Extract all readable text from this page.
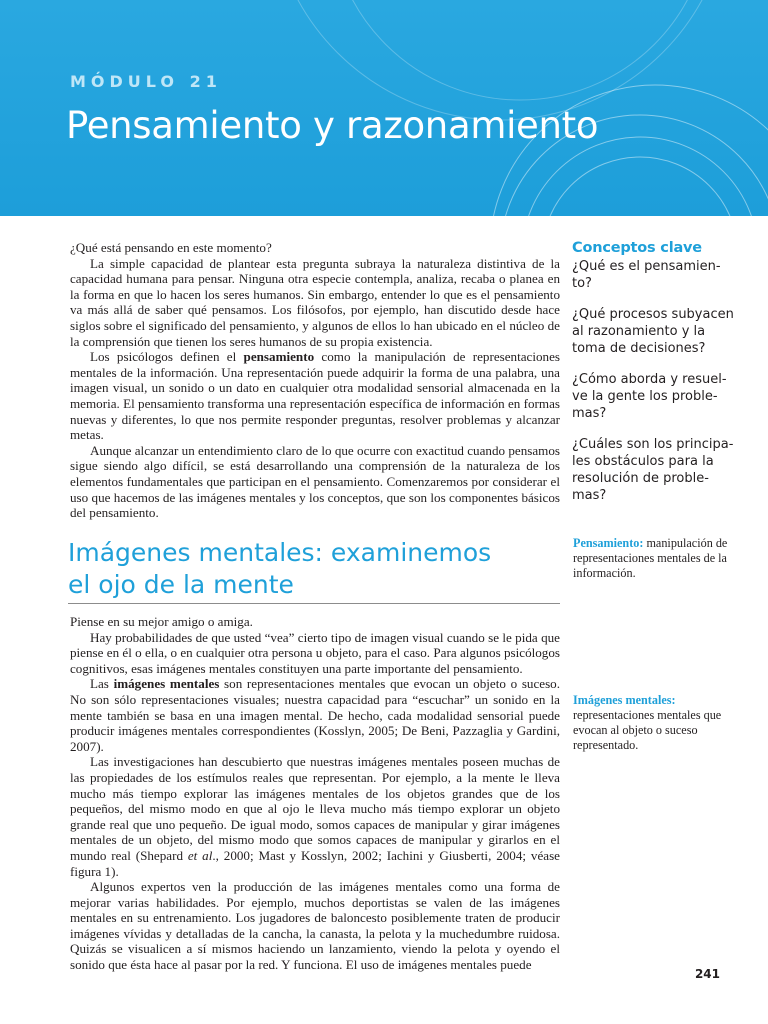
MÓDULO 21
Pensamiento y razonamiento

¿Qué está pensando en este momento?

La simple capacidad de plantear esta pregunta subraya la naturaleza distintiva de la capacidad humana para pensar. Ninguna otra especie contempla, analiza, recaba o planea en la forma en que lo hacen los seres humanos. Sin embargo, entender lo que es el pensamiento va más allá de saber qué pensamos. Los filósofos, por ejemplo, han discutido desde hace siglos sobre el significado del pensamiento, y algunos de ellos lo han ubicado en el núcleo de la comprensión que tienen los seres humanos de su propia existencia.

Los psicólogos definen el pensamiento como la manipulación de representaciones mentales de la información. Una representación puede adquirir la forma de una palabra, una imagen visual, un sonido o un dato en cualquier otra modalidad sensorial almacenada en la memoria. El pensamiento transforma una representación específica de información en formas nuevas y diferentes, lo que nos permite responder preguntas, resolver problemas y alcanzar metas.

Aunque alcanzar un entendimiento claro de lo que ocurre con exactitud cuando pensamos sigue siendo algo difícil, se está desarrollando una comprensión de la naturaleza de los elementos fundamentales que participan en el pensamiento. Comenzaremos por considerar el uso que hacemos de las imágenes mentales y los conceptos, que son los componentes básicos del pensamiento.

Imágenes mentales: examinemos
el ojo de la mente

Piense en su mejor amigo o amiga.

Hay probabilidades de que usted “vea” cierto tipo de imagen visual cuando se le pida que piense en él o ella, o en cualquier otra persona u objeto, para el caso. Para algunos psicólogos cognitivos, esas imágenes mentales constituyen una parte importante del pensamiento.

Las imágenes mentales son representaciones mentales que evocan un objeto o suceso. No son sólo representaciones visuales; nuestra capacidad para “escuchar” un sonido en la mente también se basa en una imagen mental. De hecho, cada modalidad sensorial puede producir imágenes mentales correspondientes (Kosslyn, 2005; De Beni, Pazzaglia y Gardini, 2007).

Las investigaciones han descubierto que nuestras imágenes mentales poseen muchas de las propiedades de los estímulos reales que representan. Por ejemplo, a la mente le lleva mucho más tiempo explorar las imágenes mentales de los objetos grandes que de los pequeños, del mismo modo en que al ojo le lleva mucho más tiempo explorar un objeto grande real que uno pequeño. De igual modo, somos capaces de manipular y girar imágenes mentales de un objeto, del mismo modo que somos capaces de manipular y girarlos en el mundo real (Shepard et al., 2000; Mast y Kosslyn, 2002; Iachini y Giusberti, 2004; véase figura 1).

Algunos expertos ven la producción de las imágenes mentales como una forma de mejorar varias habilidades. Por ejemplo, muchos deportistas se valen de las imágenes mentales en su entrenamiento. Los jugadores de baloncesto posiblemente traten de producir imágenes vívidas y detalladas de la cancha, la canasta, la pelota y la muchedumbre ruidosa. Quizás se visualicen a sí mismos haciendo un lanzamiento, viendo la pelota y oyendo el sonido que ésta hace al pasar por la red. Y funciona. El uso de imágenes mentales puede

Conceptos clave
¿Qué es el pensamien-
to?
¿Qué procesos subyacen
al razonamiento y la
toma de decisiones?
¿Cómo aborda y resuel-
ve la gente los proble-
mas?
¿Cuáles son los principa-
les obstáculos para la
resolución de proble-
mas?
Pensamiento: manipulación de representaciones mentales de la información.
Imágenes mentales: representaciones mentales que evocan al objeto o suceso representado.
241
